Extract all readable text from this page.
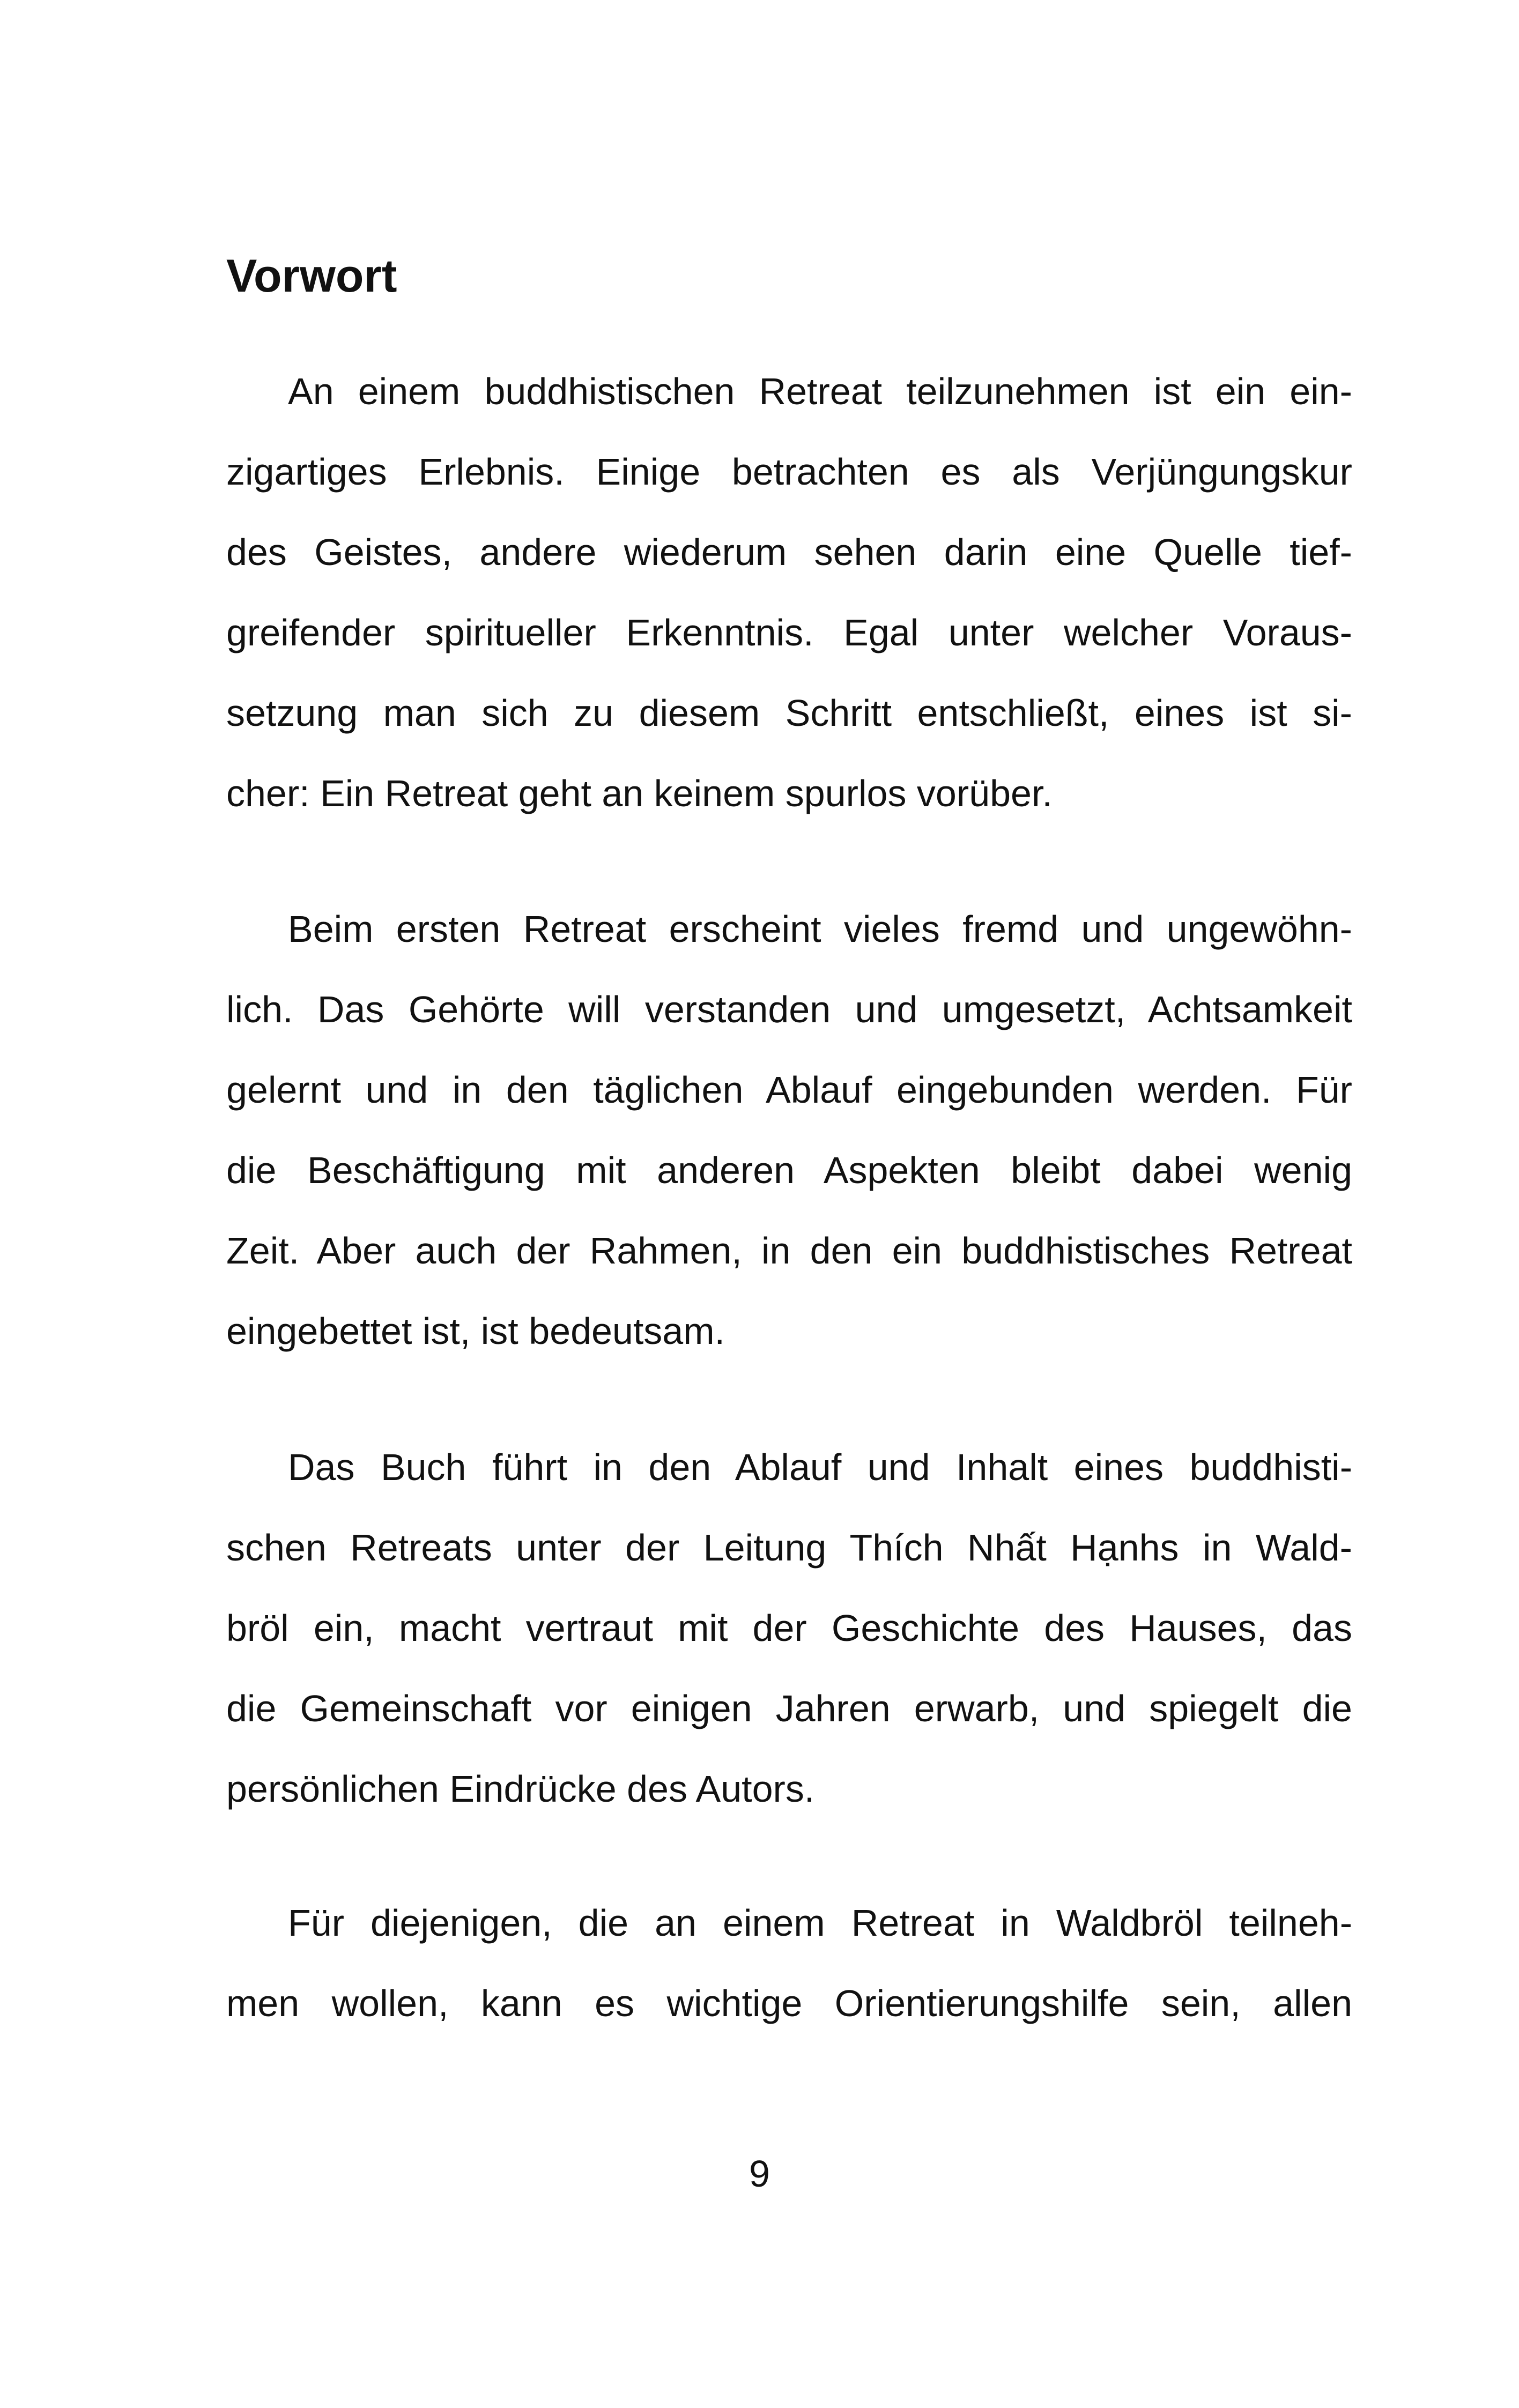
Vorwort

An einem buddhistischen Retreat teilzunehmen ist ein ein-
zigartiges Erlebnis. Einige betrachten es als Verjüngungskur
des Geistes, andere wiederum sehen darin eine Quelle tief-
greifender spiritueller Erkenntnis. Egal unter welcher Voraus-
setzung man sich zu diesem Schritt entschließt, eines ist si-
cher: Ein Retreat geht an keinem spurlos vorüber.

Beim ersten Retreat erscheint vieles fremd und ungewöhn-
lich. Das Gehörte will verstanden und umgesetzt, Achtsamkeit
gelernt und in den täglichen Ablauf eingebunden werden. Für
die Beschäftigung mit anderen Aspekten bleibt dabei wenig
Zeit. Aber auch der Rahmen, in den ein buddhistisches Retreat
eingebettet ist, ist bedeutsam.

Das Buch führt in den Ablauf und Inhalt eines buddhisti-
schen Retreats unter der Leitung Thích Nhất Hạnhs in Wald-
bröl ein, macht vertraut mit der Geschichte des Hauses, das
die Gemeinschaft vor einigen Jahren erwarb, und spiegelt die
persönlichen Eindrücke des Autors.

Für diejenigen, die an einem Retreat in Waldbröl teilneh-
men wollen, kann es wichtige Orientierungshilfe sein, allen

9
